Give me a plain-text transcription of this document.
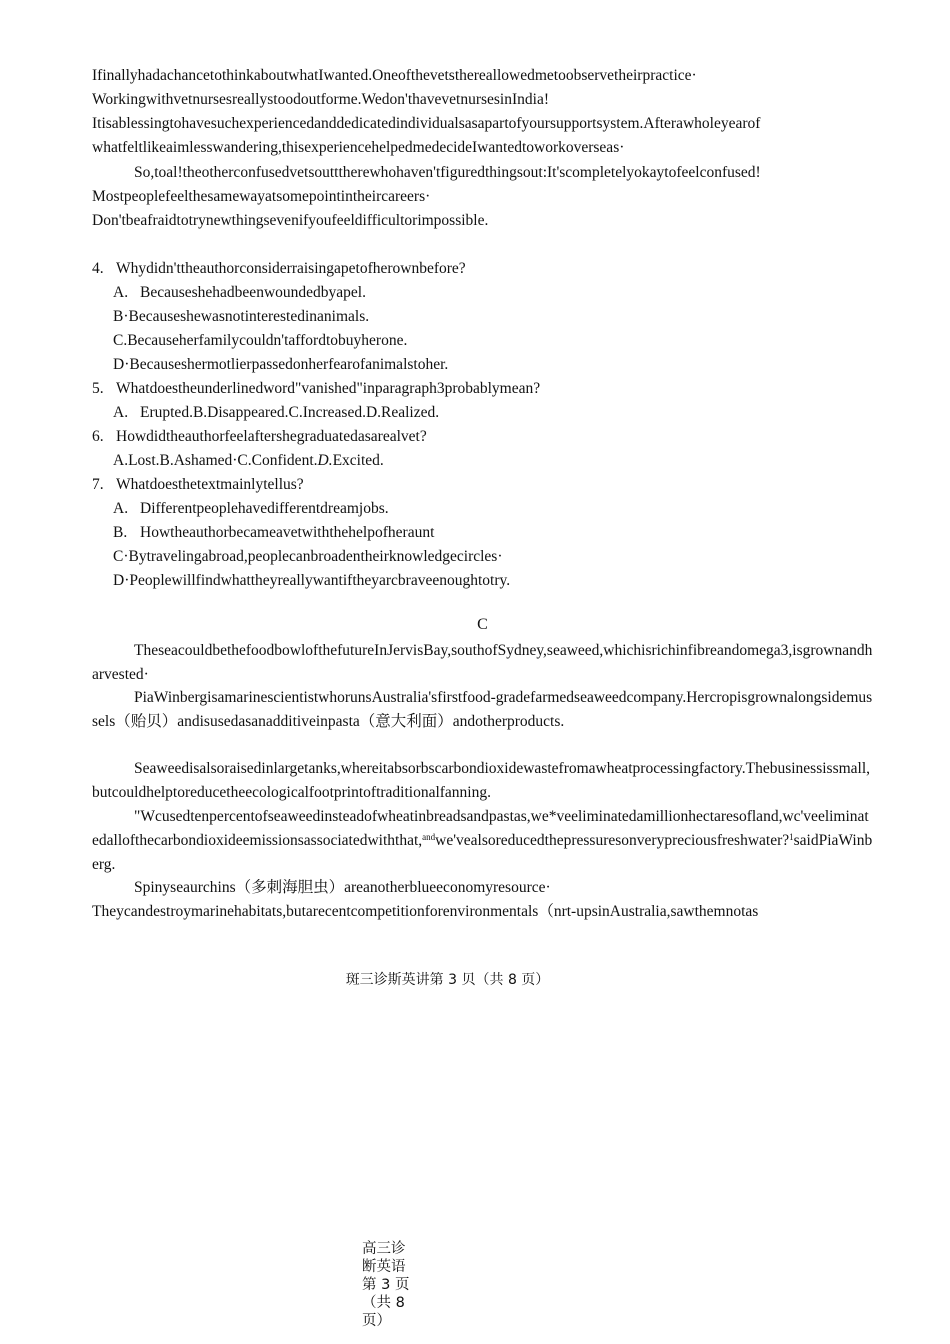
IfinallyhadachancetothinkaboutwhatIwanted.Oneofthevetsthereallowedmetoobservetheirpractice·
Workingwithvetnursesreallystoodoutforme.Wedon'thavevetnursesinIndia!
Itisablessingtohavesuchexperiencedanddedicatedindividualsasapartofyoursupportsystem.Afterawholeyearof
whatfeltlikeaimlesswandering,thisexperiencehelpedmedecideIwantedtoworkoverseas·
So,toal!theotherconfusedvetsoutttherewhohaven'tfiguredthingsout:It'scompletelyokaytofeelconfused!
Mostpeoplefeelthesamewayatsomepointintheircareers·
Don'tbeafraidtotrynewthingsevenifyoufeeldifficultorimpossible.
4. Whydidn'ttheauthorconsiderraisingapetofherownbefore?
A. Becauseshehadbeenwoundedbyapel.
B·Becauseshewasnotinterestedinanimals.
C.Becauseherfamilycouldn'taffordtobuyherone.
D·Becauseshermotlierpassedonherfearofanimalstoher.
5. Whatdoestheunderlinedword"vanished"inparagraph3probablymean?
A. Erupted.B.Disappeared.C.Increased.D.Realized.
6. Howdidtheauthorfeelaftershegraduatedasarealvet?
A.Lost.B.Ashamed·C.Confident.D.Excited.
7. Whatdoesthetextmainlytellus?
A. Differentpeoplehavedifferentdreamjobs.
B. Howtheauthorbecameavetwiththehelpofheraunt
C·Bytravelingabroad,peoplecanbroadentheirknowledgecircles·
D·Peoplewillfindwhattheyreallywantiftheyarcbraveenoughtotry.
C
TheseacouldbethefoodbowlofthefutureInJervisBay,southofSydney,seaweed,whichisrichinfibreandomega3,isgrownandharvested·
PiaWinbergisamarinescientistwhorunsAustralia'sfirstfood-gradefarmedseaweedcompany.Hercropisgrownalongsidemussels（贻贝）andisusedasanadditiveinpasta（意大利面）andotherproducts.
Seaweedisalsoraisedinlargetanks,whereitabsorbscarbondioxidewastefromawheatprocessingfactory.Thebusinessissmall,butcouldhelptoreducetheecologicalfootprintoftraditionalfanning.
"Wcusedtenpercentofseaweedinsteadofwheatinbreadsandpastas,we*veeliminatedamillionhectaresofland,wc'veeliminatedallofthecarbondioxideemissionsassociatedwiththat,$^{and}$we'vealsoreducedthepressuresonverypreciousfreshwater?$^1$saidPiaWinberg.
Spinyseaurchins（多刺海胆虫）areanotherblueeconomyresource·
Theycandestroymarinehabitats,butarecentcompetitionforenvironmentals（nrt-upsinAustralia,sawthemnotas
斑三诊斯英讲第 3 贝（共 8 页）
高三诊断英语第 3 页（共 8 页）
